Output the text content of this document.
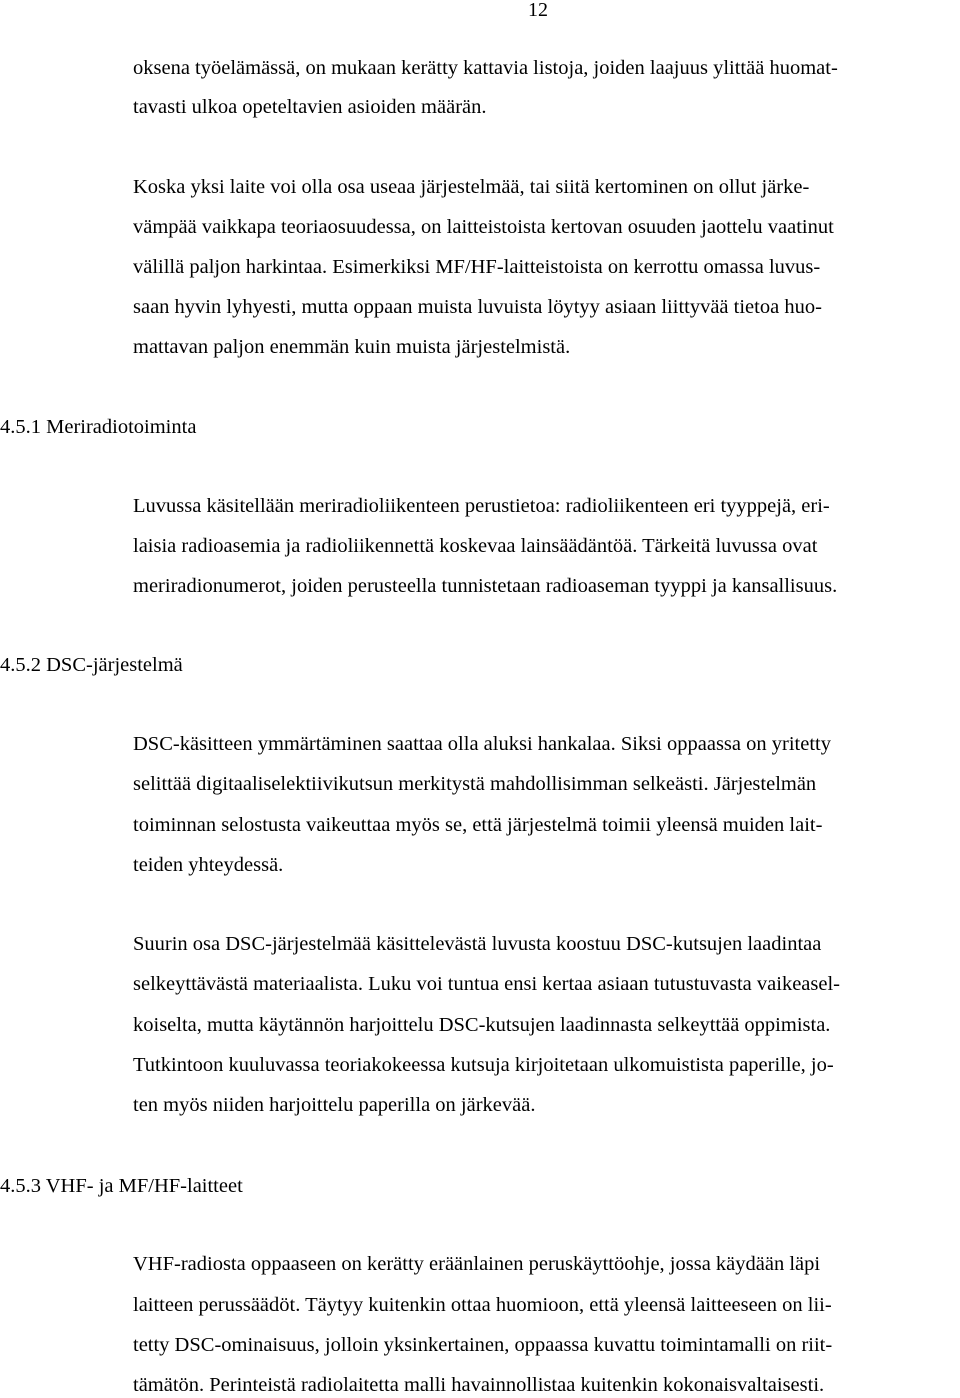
12
oksena työelämässä, on mukaan kerätty kattavia listoja, joiden laajuus ylittää huomat-
tavasti ulkoa opeteltavien asioiden määrän.
Koska yksi laite voi olla osa useaa järjestelmää, tai siitä kertominen on ollut järke-
vämpää vaikkapa teoriaosuudessa, on laitteistoista kertovan osuuden jaottelu vaatinut
välillä paljon harkintaa. Esimerkiksi MF/HF-laitteistoista on kerrottu omassa luvus-
saan hyvin lyhyesti, mutta oppaan muista luvuista löytyy asiaan liittyvää tietoa huo-
mattavan paljon enemmän kuin muista järjestelmistä.
4.5.1 Meriradiotoiminta
Luvussa käsitellään meriradioliikenteen perustietoa: radioliikenteen eri tyyppejä, eri-
laisia radioasemia ja radioliikennettä koskevaa lainsäädäntöä. Tärkeitä luvussa ovat
meriradionumerot, joiden perusteella tunnistetaan radioaseman tyyppi ja kansallisuus.
4.5.2 DSC-järjestelmä
DSC-käsitteen ymmärtäminen saattaa olla aluksi hankalaa. Siksi oppaassa on yritetty
selittää digitaaliselektiivikutsun merkitystä mahdollisimman selkeästi. Järjestelmän
toiminnan selostusta vaikeuttaa myös se, että järjestelmä toimii yleensä muiden lait-
teiden yhteydessä.
Suurin osa DSC-järjestelmää käsittelevästä luvusta koostuu DSC-kutsujen laadintaa
selkeyttävästä materiaalista. Luku voi tuntua ensi kertaa asiaan tutustuvasta vaikeasel-
koiselta, mutta käytännön harjoittelu DSC-kutsujen laadinnasta selkeyttää oppimista.
Tutkintoon kuuluvassa teoriakokeessa kutsuja kirjoitetaan ulkomuistista paperille, jo-
ten myös niiden harjoittelu paperilla on järkevää.
4.5.3 VHF- ja MF/HF-laitteet
VHF-radiosta oppaaseen on kerätty eräänlainen peruskäyttöohje, jossa käydään läpi
laitteen perussäädöt. Täytyy kuitenkin ottaa huomioon, että yleensä laitteeseen on lii-
tetty DSC-ominaisuus, jolloin yksinkertainen, oppaassa kuvattu toimintamalli on riit-
tämätön. Perinteistä radiolaitetta malli havainnollistaa kuitenkin kokonaisvaltaisesti.
